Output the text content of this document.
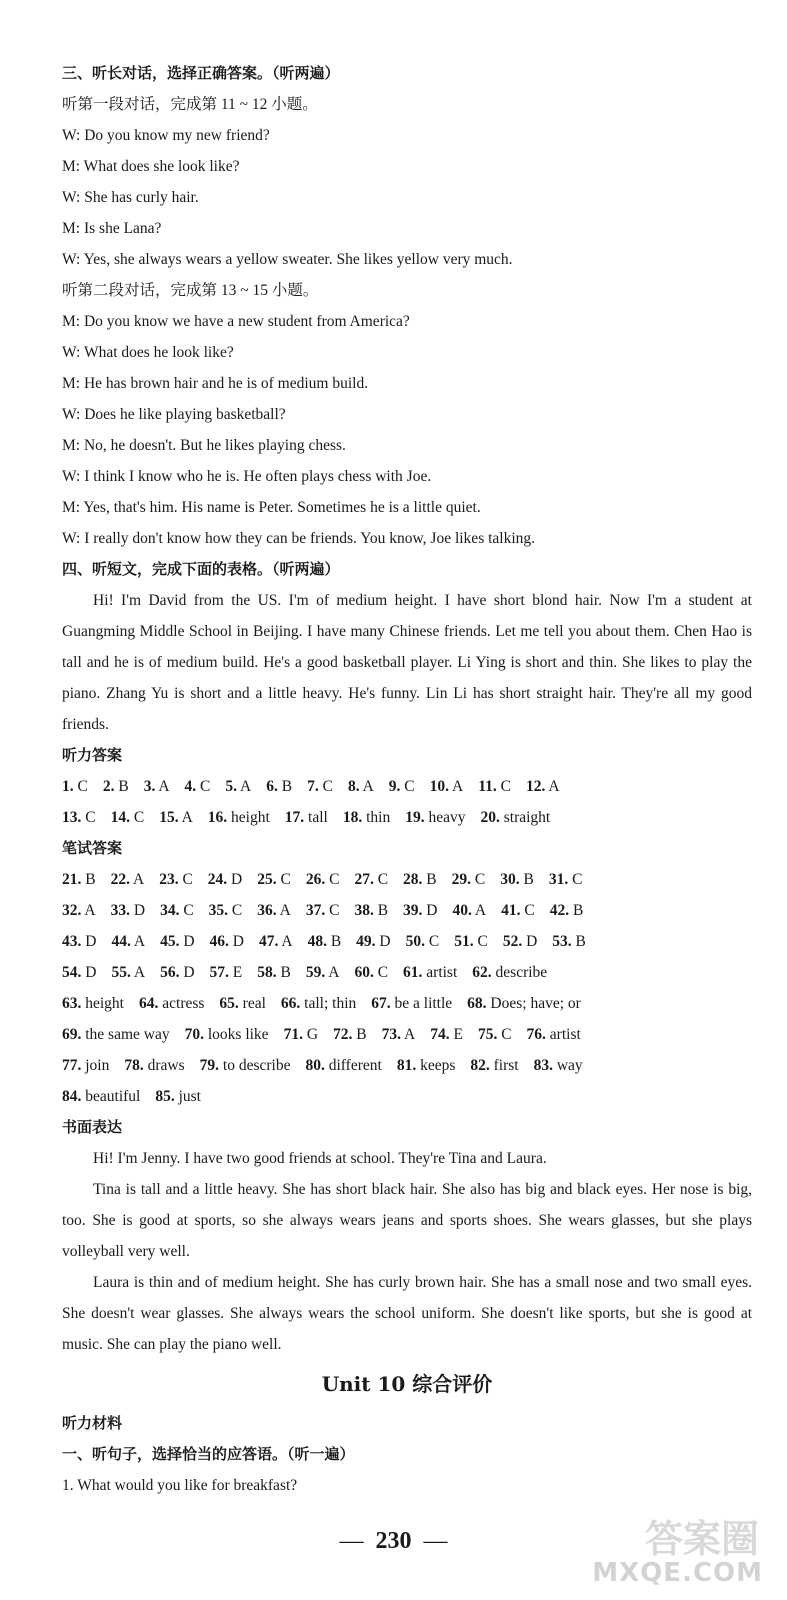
三、听长对话，选择正确答案。（听两遍）
听第一段对话，完成第 11 ~ 12 小题。
W: Do you know my new friend?
M: What does she look like?
W: She has curly hair.
M: Is she Lana?
W: Yes, she always wears a yellow sweater. She likes yellow very much.
听第二段对话，完成第 13 ~ 15 小题。
M: Do you know we have a new student from America?
W: What does he look like?
M: He has brown hair and he is of medium build.
W: Does he like playing basketball?
M: No, he doesn't. But he likes playing chess.
W: I think I know who he is. He often plays chess with Joe.
M: Yes, that's him. His name is Peter. Sometimes he is a little quiet.
W: I really don't know how they can be friends. You know, Joe likes talking.
四、听短文，完成下面的表格。（听两遍）
Hi! I'm David from the US. I'm of medium height. I have short blond hair. Now I'm a student at Guangming Middle School in Beijing. I have many Chinese friends. Let me tell you about them. Chen Hao is tall and he is of medium build. He's a good basketball player. Li Ying is short and thin. She likes to play the piano. Zhang Yu is short and a little heavy. He's funny. Lin Li has short straight hair. They're all my good friends.
听力答案
1. C 2. B 3. A 4. C 5. A 6. B 7. C 8. A 9. C 10. A 11. C 12. A
13. C 14. C 15. A 16. height 17. tall 18. thin 19. heavy 20. straight
笔试答案
21. B 22. A 23. C 24. D 25. C 26. C 27. C 28. B 29. C 30. B 31. C
32. A 33. D 34. C 35. C 36. A 37. C 38. B 39. D 40. A 41. C 42. B
43. D 44. A 45. D 46. D 47. A 48. B 49. D 50. C 51. C 52. D 53. B
54. D 55. A 56. D 57. E 58. B 59. A 60. C 61. artist 62. describe
63. height 64. actress 65. real 66. tall; thin 67. be a little 68. Does; have; or
69. the same way 70. looks like 71. G 72. B 73. A 74. E 75. C 76. artist
77. join 78. draws 79. to describe 80. different 81. keeps 82. first 83. way
84. beautiful 85. just
书面表达
Hi! I'm Jenny. I have two good friends at school. They're Tina and Laura.
Tina is tall and a little heavy. She has short black hair. She also has big and black eyes. Her nose is big, too. She is good at sports, so she always wears jeans and sports shoes. She wears glasses, but she plays volleyball very well.
Laura is thin and of medium height. She has curly brown hair. She has a small nose and two small eyes. She doesn't wear glasses. She always wears the school uniform. She doesn't like sports, but she is good at music. She can play the piano well.
Unit 10 综合评价
听力材料
一、听句子，选择恰当的应答语。（听一遍）
1. What would you like for breakfast?
— 230 —	答案圈
MXQE.COM
